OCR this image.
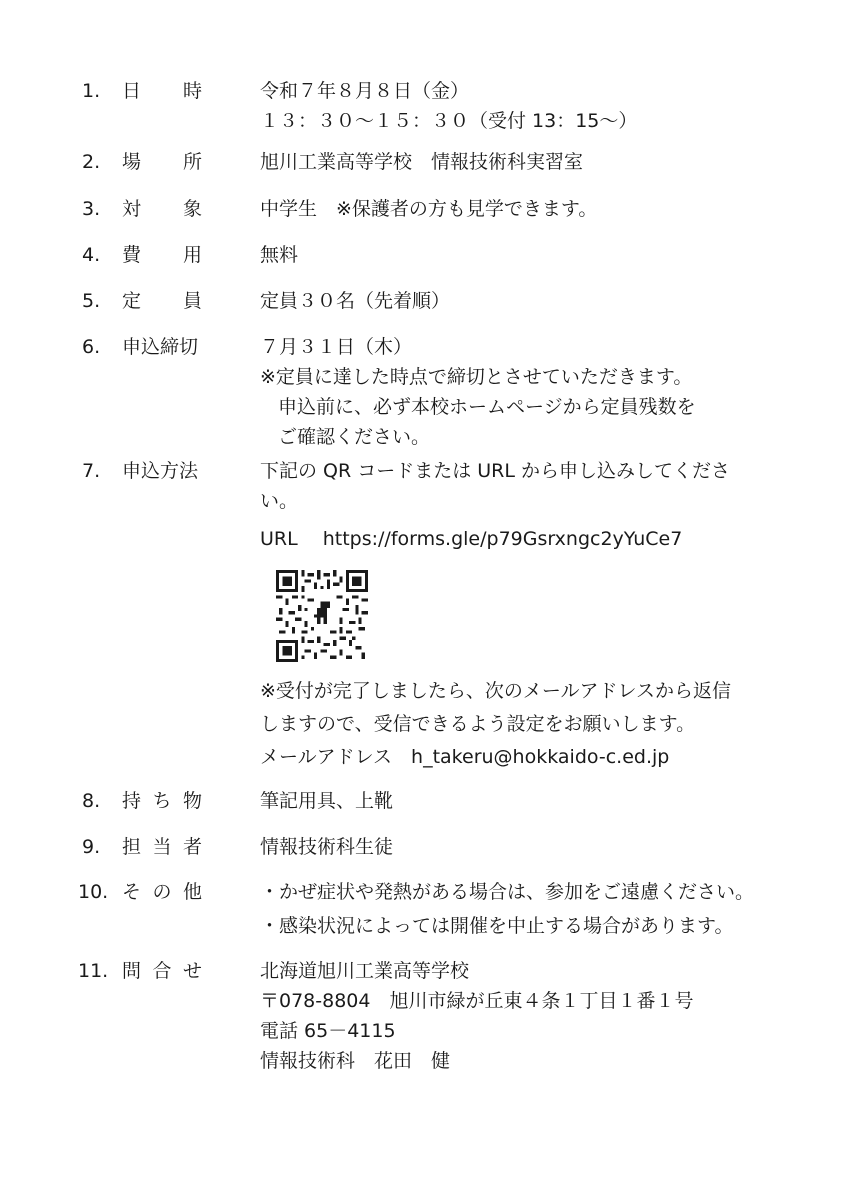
1. 日 時	令和７年８月８日（金）
１３：３０～１５：３０（受付 13：15～）
2. 場 所	旭川工業高等学校　情報技術科実習室
3. 対 象	中学生　※保護者の方も見学できます。
4. 費 用	無料
5. 定 員	定員３０名（先着順）
6. 申込締切	７月３１日（木）
※定員に達した時点で締切とさせていただきます。
申込前に、必ず本校ホームページから定員残数を
ご確認ください。
7. 申込方法	下記の QR コードまたは URL から申し込みしてくださ
い。
URL　 https://forms.gle/p79Gsrxngc2yYuCe7
※受付が完了しましたら、次のメールアドレスから返信
しますので、受信できるよう設定をお願いします。
メールアドレス　h_takeru@hokkaido-c.ed.jp
8. 持 ち 物	筆記用具、上靴
9. 担 当 者	情報技術科生徒
10. そ の 他	・かぜ症状や発熱がある場合は、参加をご遠慮ください。
・感染状況によっては開催を中止する場合があります。
11. 問 合 せ	北海道旭川工業高等学校
〒078-8804　旭川市緑が丘東４条１丁目１番１号
電話 65－4115
情報技術科　花田　健
